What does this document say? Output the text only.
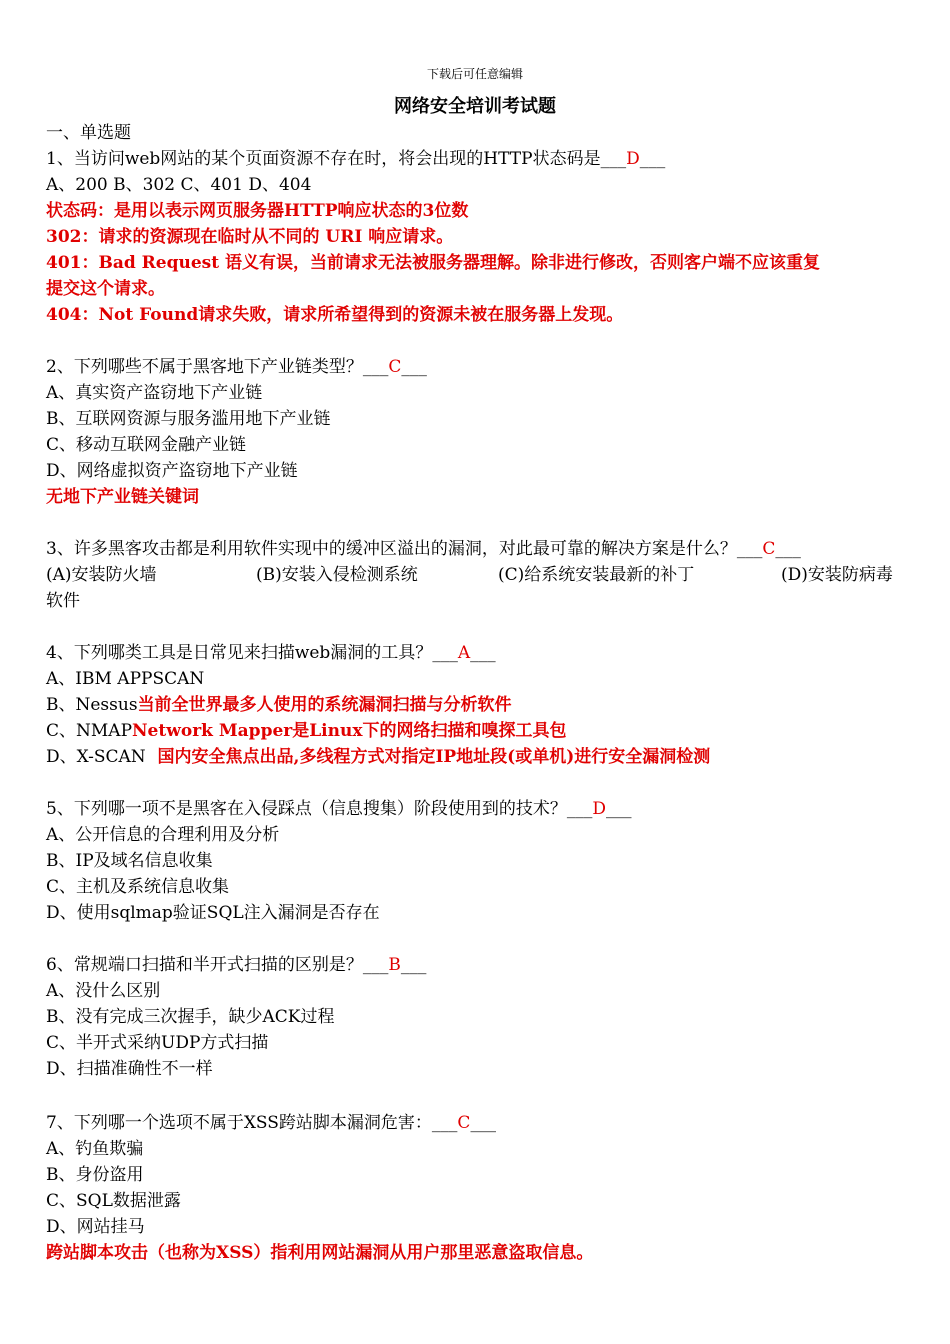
下载后可任意编辑
网络安全培训考试题
一、单选题
1、当访问web网站的某个页面资源不存在时，将会出现的HTTP状态码是___D___
A、200 B、302 C、401 D、404
状态码：是用以表示网页服务器HTTP响应状态的3位数
302：请求的资源现在临时从不同的 URI 响应请求。
401：Bad Request 语义有误，当前请求无法被服务器理解。除非进行修改，否则客户端不应该重复
提交这个请求。
404：Not Found请求失败，请求所希望得到的资源未被在服务器上发现。
2、下列哪些不属于黑客地下产业链类型？___C___
A、真实资产盗窃地下产业链
B、互联网资源与服务滥用地下产业链
C、移动互联网金融产业链
D、网络虚拟资产盗窃地下产业链
无地下产业链关键词
3、许多黑客攻击都是利用软件实现中的缓冲区溢出的漏洞，对此最可靠的解决方案是什么？___C___
(A)安装防火墙	(B)安装入侵检测系统	(C)给系统安装最新的补丁	(D)安装防病毒
软件
4、下列哪类工具是日常见来扫描web漏洞的工具？___A___
A、IBM APPSCAN
B、Nessus当前全世界最多人使用的系统漏洞扫描与分析软件
C、NMAPNetwork Mapper是Linux下的网络扫描和嗅探工具包
D、X-SCAN  国内安全焦点出品,多线程方式对指定IP地址段(或单机)进行安全漏洞检测
5、下列哪一项不是黑客在入侵踩点（信息搜集）阶段使用到的技术？___D___
A、公开信息的合理利用及分析
B、IP及域名信息收集
C、主机及系统信息收集
D、使用sqlmap验证SQL注入漏洞是否存在
6、常规端口扫描和半开式扫描的区别是？___B___
A、没什么区别
B、没有完成三次握手，缺少ACK过程
C、半开式采纳UDP方式扫描
D、扫描准确性不一样
7、下列哪一个选项不属于XSS跨站脚本漏洞危害：___C___
A、钓鱼欺骗
B、身份盗用
C、SQL数据泄露
D、网站挂马
跨站脚本攻击（也称为XSS）指利用网站漏洞从用户那里恶意盗取信息。
